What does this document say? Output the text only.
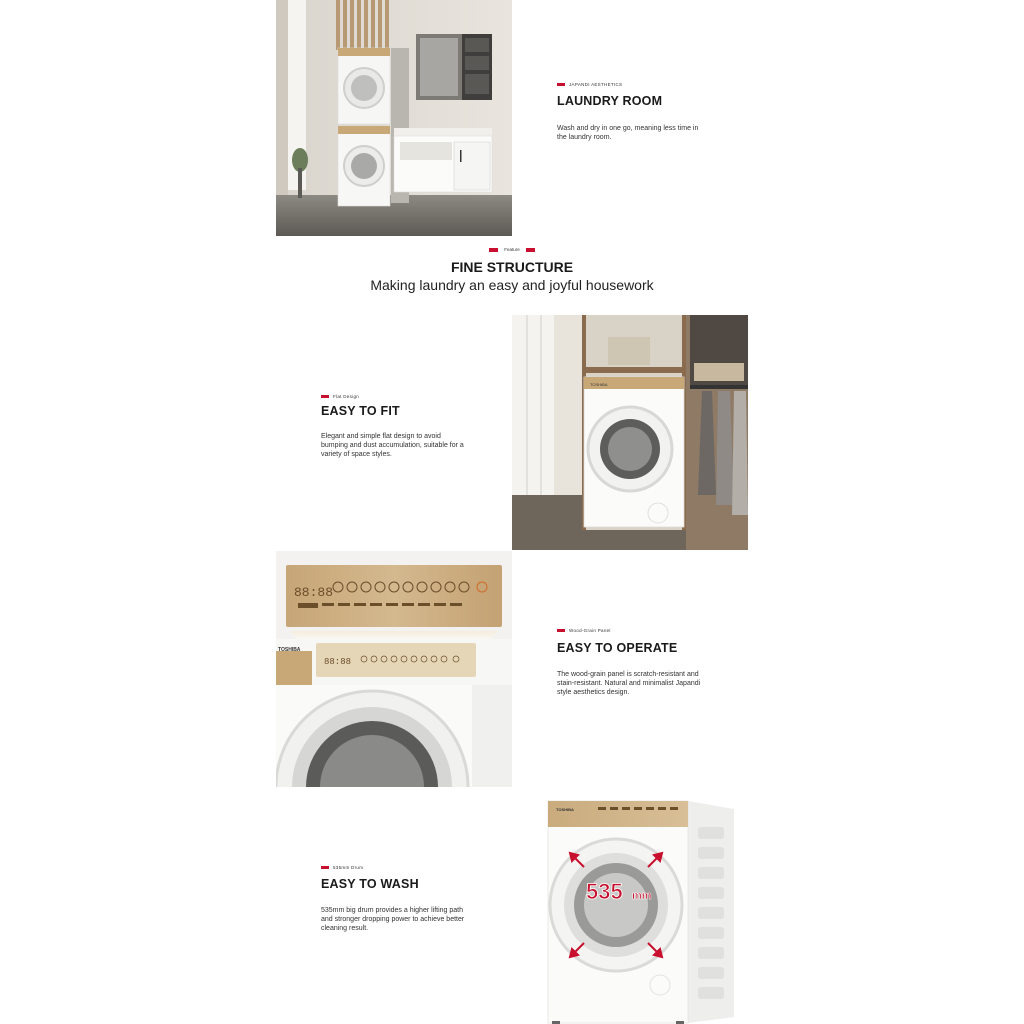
JAPANDI AESTHETICS
LAUNDRY ROOM
Wash and dry in one go, meaning less time in the laundry room.
Feature
FINE STRUCTURE
Making laundry an easy and joyful housework
Flat Design
EASY TO FIT
Elegant and simple flat design to avoid bumping and dust accumulation, suitable for a variety of space styles.
TOSHIBA
88:88
88:88
TOSHIBA
Wood-Grain Panel
EASY TO OPERATE
The wood-grain panel is scratch-resistant and stain-resistant. Natural and minimalist Japandi style aesthetics design.
535mm Drum
EASY TO WASH
535mm big drum provides a higher lifting path and stronger dropping power to achieve better cleaning result.
TOSHIBA
535 mm
